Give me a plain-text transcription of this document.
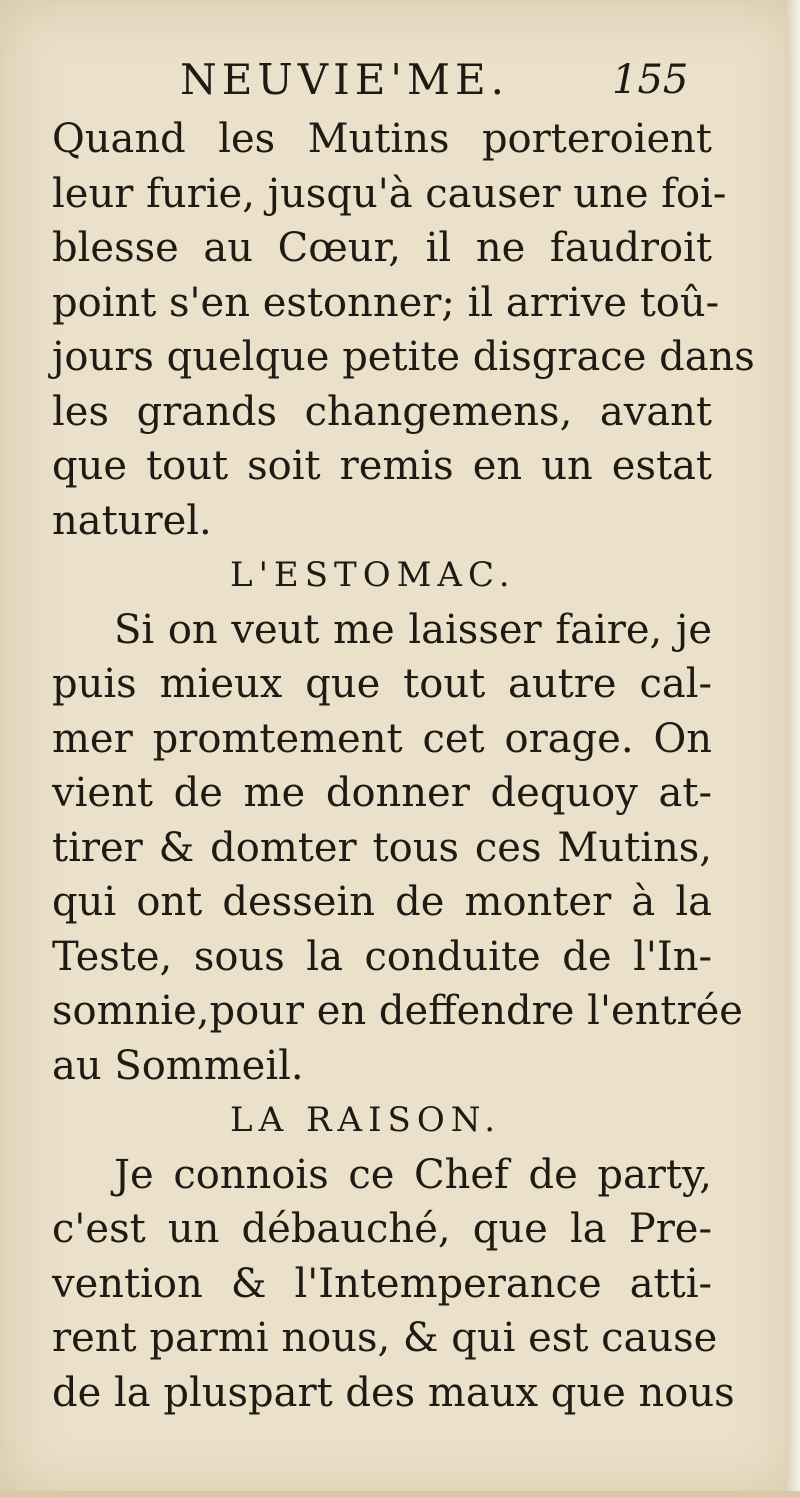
NEUVIE'ME.	155
Quand les Mutins porteroient
leur furie, jusqu'à causer une foi-
blesse au Cœur, il ne faudroit
point s'en estonner; il arrive toû-
jours quelque petite disgrace dans
les grands changemens, avant
que tout soit remis en un estat
naturel.
L'ESTOMAC.
Si on veut me laisser faire, je
puis mieux que tout autre cal-
mer promtement cet orage. On
vient de me donner dequoy at-
tirer & domter tous ces Mutins,
qui ont dessein de monter à la
Teste, sous la conduite de l'In-
somnie,pour en deffendre l'entrée
au Sommeil.
LA RAISON.
Je connois ce Chef de party,
c'est un débauché, que la Pre-
vention & l'Intemperance atti-
rent parmi nous, & qui est cause
de la pluspart des maux que nous
